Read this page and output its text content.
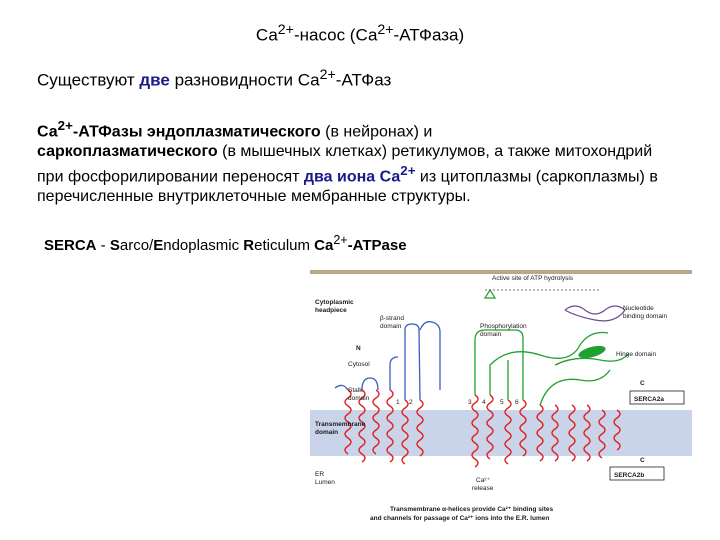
$Са^{2+}$-насос $(Са^{2+}-АТФаза)$
Существуют две разновидности $Са^{2+}$-АТФаз
$Са^{2+}$-АТФазы эндоплазматического (в нейронах) и
саркоплазматического (в мышечных клетках) ретикулумов, а также митохондрий при фосфорилировании переносят два иона $Са^{2+}$ из цитоплазмы (саркоплазмы) в перечисленные внутриклеточные мембранные структуры.
SERCA - Sarco/Endoplasmic Reticulum $Ca^{2+}$-ATPase
Active site of ATP hydrolysis
Cytoplasmic
headpiece
β-strand
domain	Phosphorylation
domain
Nucleotide
binding domain
Hinge domain
N
Cytosol
Stalk
domain
Transmembrane
domain
C
SERCA2a
C
SERCA2b
ER
Lumen	Ca²⁺
release
Transmembrane α-helices provide Ca²⁺ binding sites
and channels for passage of Ca²⁺ ions into the E.R. lumen
1 2	3 4 5 6
